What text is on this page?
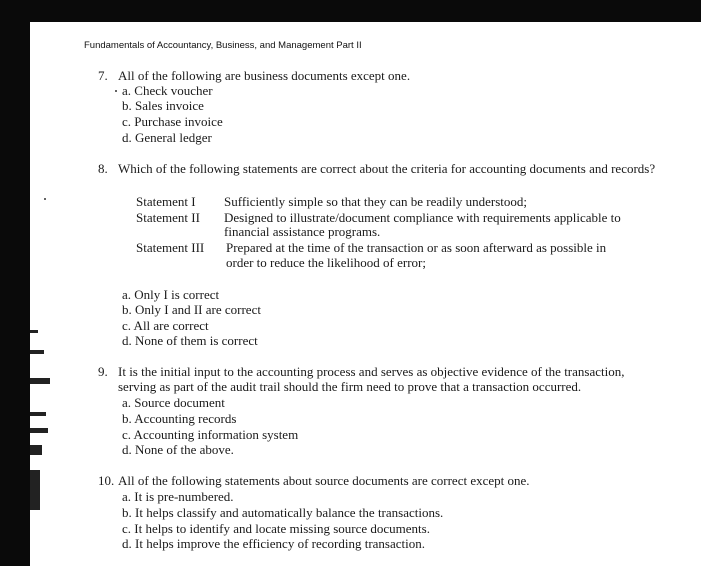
Fundamentals of Accountancy, Business, and Management Part II
7. All of the following are business documents except one.
a. Check voucher
b. Sales invoice
c. Purchase invoice
d. General ledger
8. Which of the following statements are correct about the criteria for accounting documents and records?
Statement I Sufficiently simple so that they can be readily understood;
Statement II Designed to illustrate/document compliance with requirements applicable to
financial assistance programs.
Statement III Prepared at the time of the transaction or as soon afterward as possible in
order to reduce the likelihood of error;
a. Only I is correct
b. Only I and II are correct
c. All are correct
d. None of them is correct
9. It is the initial input to the accounting process and serves as objective evidence of the transaction,
serving as part of the audit trail should the firm need to prove that a transaction occurred.
a. Source document
b. Accounting records
c. Accounting information system
d. None of the above.
10. All of the following statements about source documents are correct except one.
a. It is pre-numbered.
b. It helps classify and automatically balance the transactions.
c. It helps to identify and locate missing source documents.
d. It helps improve the efficiency of recording transaction.
